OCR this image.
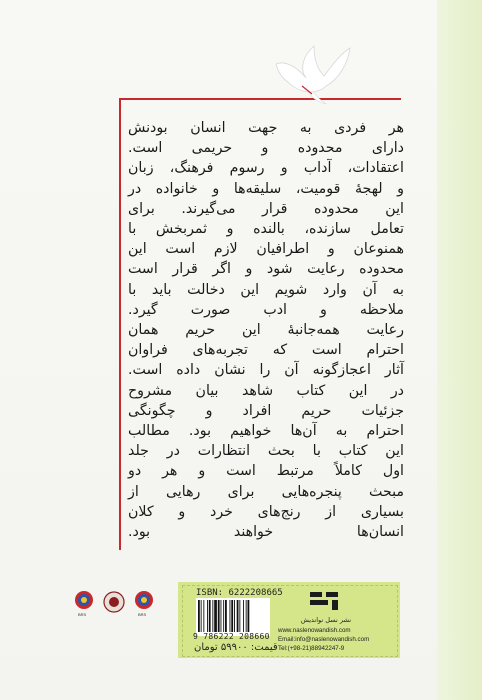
هر فردی به جهت انسان بودنش
دارای محدوده و حریمی است.
اعتقادات، آداب و رسوم فرهنگ، زبان
و لهجهٔ قومیت، سلیقه‌ها و خانواده در
این محدوده قرار می‌گیرند. برای
تعامل سازنده، بالنده و ثمربخش با
همنوعان و اطرافیان لازم است این
محدوده رعایت شود و اگر قرار است
به آن وارد شویم این دخالت باید با
ملاحظه و ادب صورت گیرد.
رعایت همه‌جانبهٔ این حریم همان
احترام است که تجربه‌های فراوان
آثار اعجازگونه آن را نشان داده است.
در این کتاب شاهد بیان مشروح
جزئیات حریم افراد و چگونگی
احترام به آن‌ها خواهیم بود. مطالب
این کتاب با بحث انتظارات در جلد
اول کاملاً مرتبط است و هر دو
مبحث پنجره‌هایی برای رهایی از
بسیاری از رنج‌های خرد و کلان
انسان‌ها خواهند بود.
BRS	BRS
ISBN: 6222208665
9 786222 208660
قیمت: ۵۹۹۰۰ تومان
نشر نسل نواندیش
www.naslenowandish.com
Email:info@naslenowandish.com
Tel:(+98-21)88942247-9
